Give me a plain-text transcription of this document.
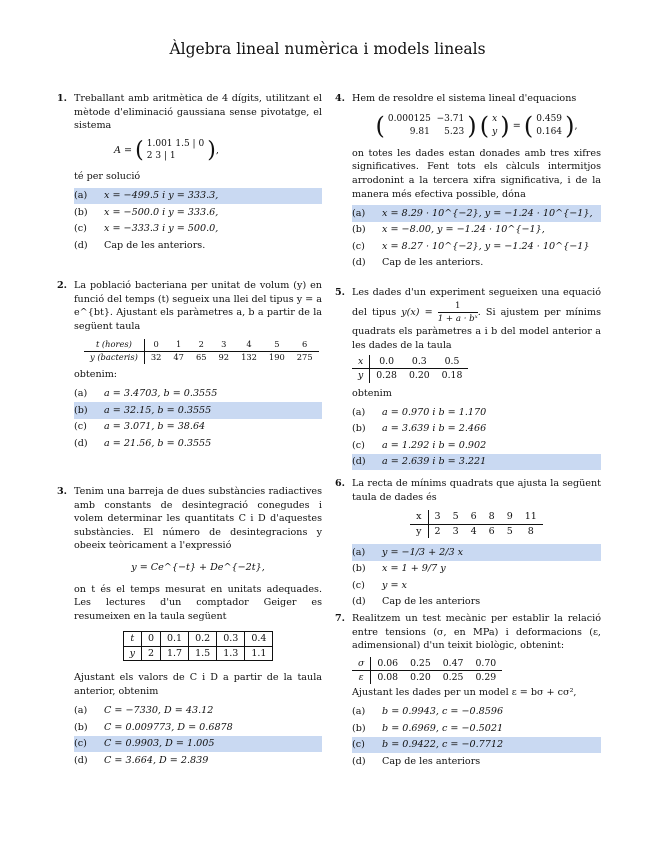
Àlgebra lineal numèrica i models lineals
1. Treballant amb aritmètica de 4 dígits, utilitzant el mètode d'eliminació gaussiana sense pivotatge, el sistema
A = ( 1.001 1.5 | 0
2 3 | 1	),
té per solució
(a)	x = −499.5 i y = 333.3,
(b)	x = −500.0 i y = 333.6,
(c)	x = −333.3 i y = 500.0,
(d)	Cap de les anteriors.
2. La població bacteriana per unitat de volum (y) en funció del temps (t) segueix una llei del tipus y = a e^{bt}. Ajustant els paràmetres a, b a partir de la següent taula
t (hores)	0	1	2	3	4	5	6
y (bacteris)	32	47	65	92	132	190	275
obtenim:
(a)	a = 3.4703, b = 0.3555
(b)	a = 32.15, b = 0.3555
(c)	a = 3.071, b = 38.64
(d)	a = 21.56, b = 0.3555
3. Tenim una barreja de dues substàncies radiactives amb constants de desintegració conegudes i volem determinar les quantitats C i D d'aquestes substàncies. El número de desintegracions y obeeix teòricament a l'expressió
y = Ce^{−t} + De^{−2t},
on t és el temps mesurat en unitats adequades. Les lectures d'un comptador Geiger es resumeixen en la taula següent
t	0	0.1	0.2	0.3	0.4
y	2	1.7	1.5	1.3	1.1
Ajustant els valors de C i D a partir de la taula anterior, obtenim
(a)	C = −7330, D = 43.12
(b)	C = 0.009773, D = 0.6878
(c)	C = 0.9903, D = 1.005
(d)	C = 3.664, D = 2.839
4. Hem de resoldre el sistema lineal d'equacions
( 0.000125 −3.71
9.81 5.23 ) ( x
y ) = ( 0.459
0.164 ),
on totes les dades estan donades amb tres xifres significatives. Fent tots els càlculs intermitjos arrodonint a la tercera xifra significativa, i de la manera més efectiva possible, dóna
(a)	x = 8.29 · 10^{−2}, y = −1.24 · 10^{−1},
(b)	x = −8.00, y = −1.24 · 10^{−1},
(c)	x = 8.27 · 10^{−2}, y = −1.24 · 10^{−1}
(d)	Cap de les anteriors.
5. Les dades d'un experiment segueixen una equació del tipus $y(x) = \frac{1}{\text{1 + a · bˣ}}$ . Si ajustem per mínims quadrats els paràmetres a i b del model anterior a les dades de la taula
x	0.0	0.3	0.5
y	0.28	0.20	0.18
obtenim
(a)	a = 0.970 i b = 1.170
(b)	a = 3.639 i b = 2.466
(c)	a = 1.292 i b = 0.902
(d)	a = 2.639 i b = 3.221
6. La recta de mínims quadrats que ajusta la següent taula de dades és
x	3	5	6	8	9	11
y	2	3	4	6	5	8
(a)	y = −1/3 + 2/3 x
(b)	x = 1 + 9/7 y
(c)	y = x
(d)	Cap de les anteriors
7. Realitzem un test mecànic per establir la relació entre tensions (σ, en MPa) i deformacions (ε, adimensional) d'un teixit biològic, obtenint:
σ	0.06	0.25	0.47	0.70
ε	0.08	0.20	0.25	0.29
Ajustant les dades per un model ε = bσ + cσ²,
(a)	b = 0.9943, c = −0.8596
(b)	b = 0.6969, c = −0.5021
(c)	b = 0.9422, c = −0.7712
(d)	Cap de les anteriors
